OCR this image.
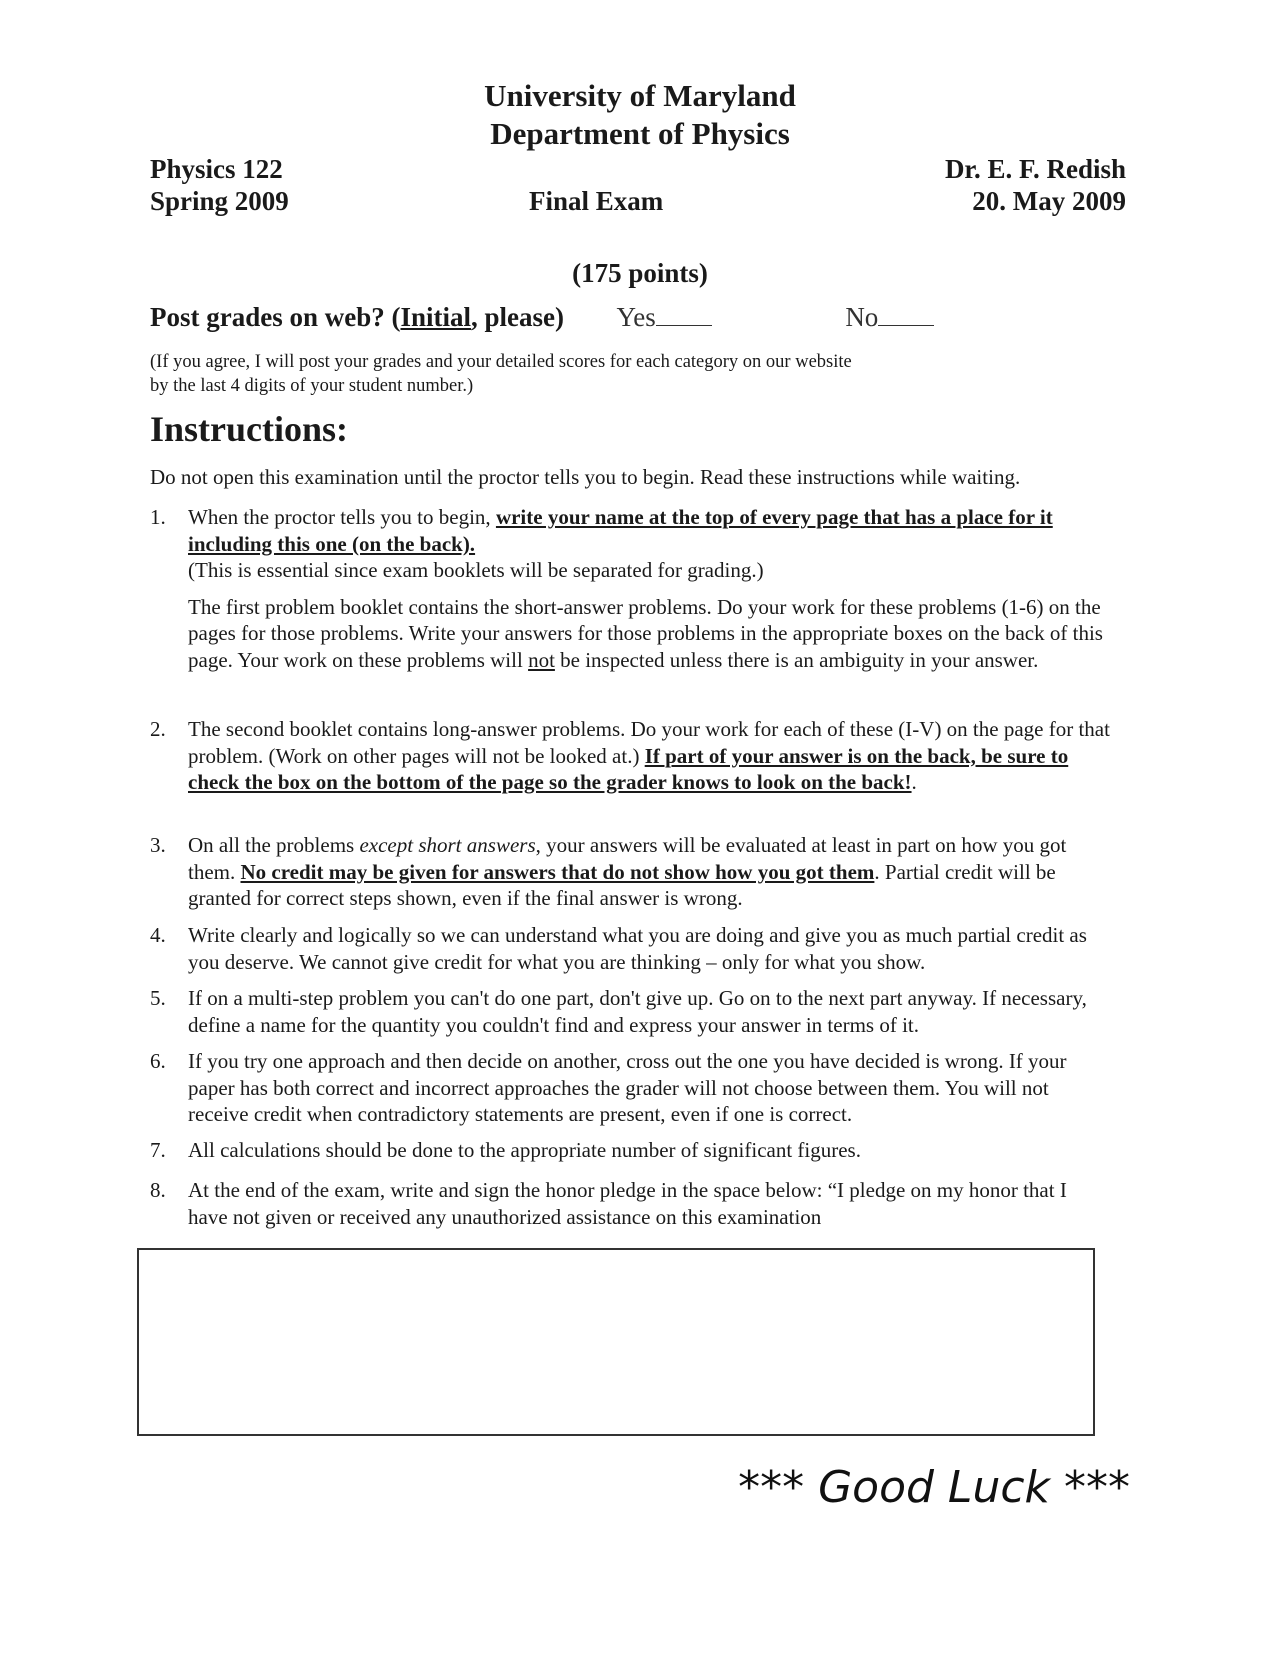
University of Maryland
Department of Physics
Physics 122
Spring 2009	Final Exam
Dr. E. F. Redish
20. May 2009
(175 points)
Post grades on web? (Initial, please) Yes	No
(If you agree, I will post your grades and your detailed scores for each category on our website
by the last 4 digits of your student number.)
Instructions:
Do not open this examination until the proctor tells you to begin. Read these instructions while waiting.
1.	When the proctor tells you to begin, write your name at the top of every page that has a place for it including this one (on the back).
(This is essential since exam booklets will be separated for grading.)
The first problem booklet contains the short-answer problems. Do your work for these problems (1-6) on the pages for those problems. Write your answers for those problems in the appropriate boxes on the back of this page. Your work on these problems will not be inspected unless there is an ambiguity in your answer.
2.	The second booklet contains long-answer problems. Do your work for each of these (I-V) on the page for that problem. (Work on other pages will not be looked at.) If part of your answer is on the back, be sure to check the box on the bottom of the page so the grader knows to look on the back!.
3.	On all the problems except short answers, your answers will be evaluated at least in part on how you got them. No credit may be given for answers that do not show how you got them. Partial credit will be granted for correct steps shown, even if the final answer is wrong.
4.	Write clearly and logically so we can understand what you are doing and give you as much partial credit as you deserve. We cannot give credit for what you are thinking – only for what you show.
5.	If on a multi-step problem you can't do one part, don't give up. Go on to the next part anyway. If necessary, define a name for the quantity you couldn't find and express your answer in terms of it.
6.	If you try one approach and then decide on another, cross out the one you have decided is wrong. If your paper has both correct and incorrect approaches the grader will not choose between them. You will not receive credit when contradictory statements are present, even if one is correct.
7.	All calculations should be done to the appropriate number of significant figures.
8.	At the end of the exam, write and sign the honor pledge in the space below: “I pledge on my honor that I have not given or received any unauthorized assistance on this examination
*** Good Luck ***
